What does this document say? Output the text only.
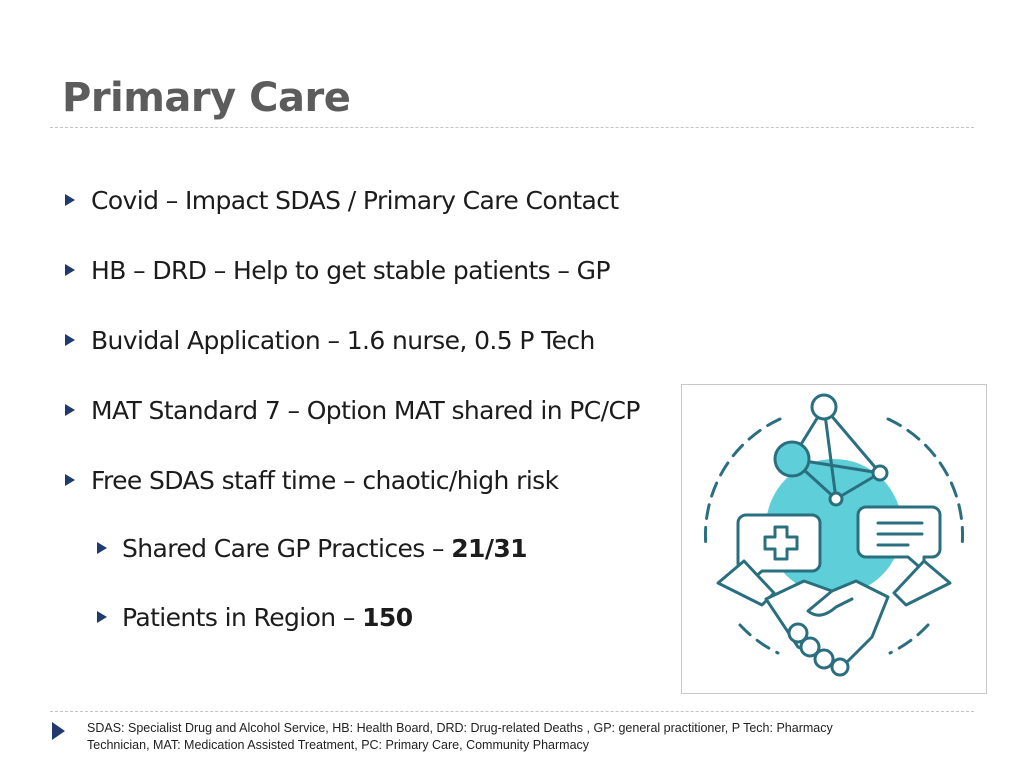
Primary Care
Covid – Impact SDAS / Primary Care Contact
HB – DRD – Help to get stable patients – GP
Buvidal Application – 1.6 nurse, 0.5 P Tech
MAT Standard 7 – Option MAT shared in PC/CP
Free SDAS staff time – chaotic/high risk
Shared Care GP Practices – 21/31
Patients in Region – 150

SDAS: Specialist Drug and Alcohol Service, HB: Health Board, DRD: Drug-related Deaths , GP: general practitioner, P Tech: Pharmacy Technician, MAT: Medication Assisted Treatment, PC: Primary Care, Community Pharmacy
